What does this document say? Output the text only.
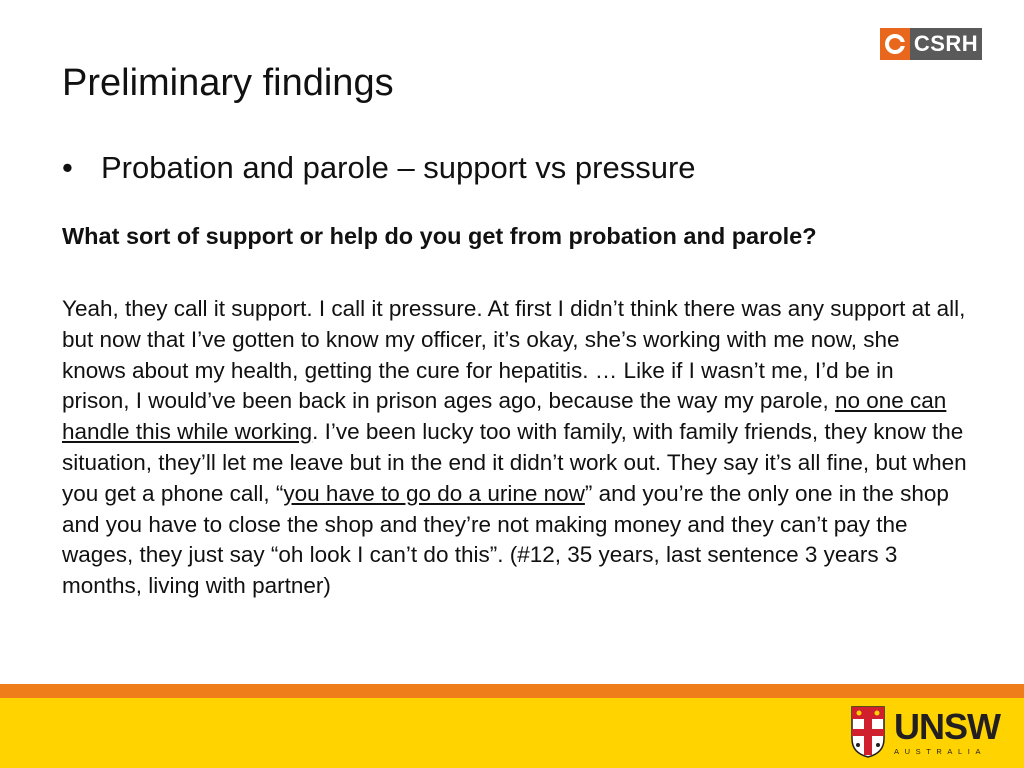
CSRH
Preliminary findings
• Probation and parole – support vs pressure

What sort of support or help do you get from probation and parole?

Yeah, they call it support. I call it pressure. At first I didn’t think there was any support at all, but now that I’ve gotten to know my officer, it’s okay, she’s working with me now, she knows about my health, getting the cure for hepatitis. … Like if I wasn’t me, I’d be in prison, I would’ve been back in prison ages ago, because the way my parole, no one can handle this while working. I’ve been lucky too with family, with family friends, they know the situation, they’ll let me leave but in the end it didn’t work out. They say it’s all fine, but when you get a phone call, “you have to go do a urine now” and you’re the only one in the shop and you have to close the shop and they’re not making money and they can’t pay the wages, they just say “oh look I can’t do this”. (#12, 35 years, last sentence 3 years 3 months, living with partner)

UNSW
AUSTRALIA
